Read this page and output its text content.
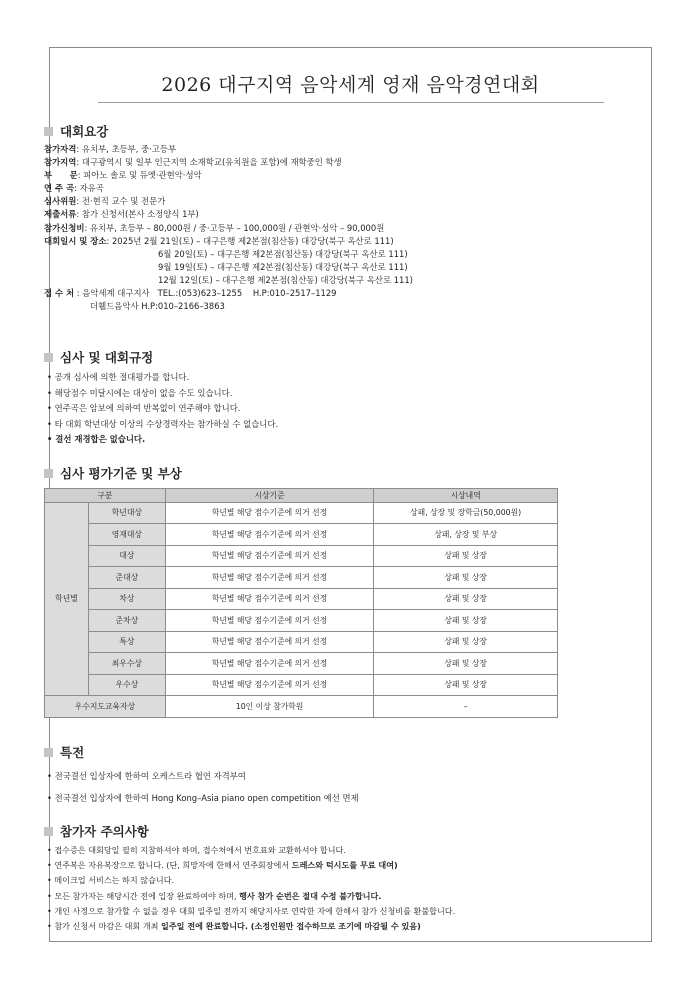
2026 대구지역 음악세계 영재 음악경연대회
대회요강
참가자격 : 유치부, 초등부, 중·고등부
참가지역 : 대구광역시 및 일부 인근지역 소재학교(유치원을 포함)에 재학중인 학생
부      문 : 피아노 솔로 및 듀엣·관현악·성악
연 주 곡 : 자유곡
심사위원 : 전·현직 교수 및 전문가
제출서류 : 참가 신청서(본사 소정양식 1부)
참가신청비 : 유치부, 초등부 – 80,000원 / 중·고등부 – 100,000원 / 관현악·성악 – 90,000원
대회일시 및 장소 : 2025년 2월 21일(토) – 대구은행 제2본점(침산동) 대강당(북구 옥산로 111)
6월 20일(토) – 대구은행 제2본점(침산동) 대강당(북구 옥산로 111)
9월 19일(토) – 대구은행 제2본점(침산동) 대강당(북구 옥산로 111)
12월 12일(토) – 대구은행 제2본점(침산동) 대강당(북구 옥산로 111)
접 수 처 : 음악세계 대구지사   TEL.:(053)623–1255    H.P:010–2517–1129
더휄드음악사 H.P:010–2166–3863
심사 및 대회규정
• 공개 심사에 의한 절대평가를 합니다.
• 해당점수 미달시에는 대상이 없을 수도 있습니다.
• 연주곡은 암보에 의하여 반복없이 연주해야 합니다.
• 타 대회 학년대상 이상의 수상경력자는 참가하실 수 없습니다.
• 결선 재경합은 없습니다.
심사 평가기준 및 부상
구분		시상기준	시상내역
학년별	학년대상	학년별 해당 점수기준에 의거 선정	상패, 상장 및 장학금(50,000원)
	영재대상	학년별 해당 점수기준에 의거 선정	상패, 상장 및 부상
	대상	학년별 해당 점수기준에 의거 선정	상패 및 상장
	준대상	학년별 해당 점수기준에 의거 선정	상패 및 상장
	차상	학년별 해당 점수기준에 의거 선정	상패 및 상장
	준차상	학년별 해당 점수기준에 의거 선정	상패 및 상장
	특상	학년별 해당 점수기준에 의거 선정	상패 및 상장
	최우수상	학년별 해당 점수기준에 의거 선정	상패 및 상장
	우수상	학년별 해당 점수기준에 의거 선정	상패 및 상장
우수지도교육자상		10인 이상 참가학원	–
특전
• 전국결선 입상자에 한하여 오케스트라 협연 자격부여
• 전국결선 입상자에 한하여 Hong Kong–Asia piano open competition 예선 면제
참가자 주의사항
• 접수증은 대회당일 필히 지참하셔야 하며, 접수처에서 번호표와 교환하셔야 합니다.
• 연주복은 자유복장으로 합니다. (단, 희망자에 한해서 연주회장에서 드레스와 턱시도를 무료 대여)
• 메이크업 서비스는 하지 않습니다.
• 모든 참가자는 해당시간 전에 입장 완료하여야 하며, 행사 참가 순번은 절대 수정 불가합니다.
• 개인 사정으로 참가할 수 없을 경우 대회 일주일 전까지 해당지사로 연락한 자에 한해서 참가 신청비를 환불합니다.
• 참가 신청서 마감은 대회 개최 일주일 전에 완료합니다. (소정인원만 접수하므로 조기에 마감될 수 있음)
